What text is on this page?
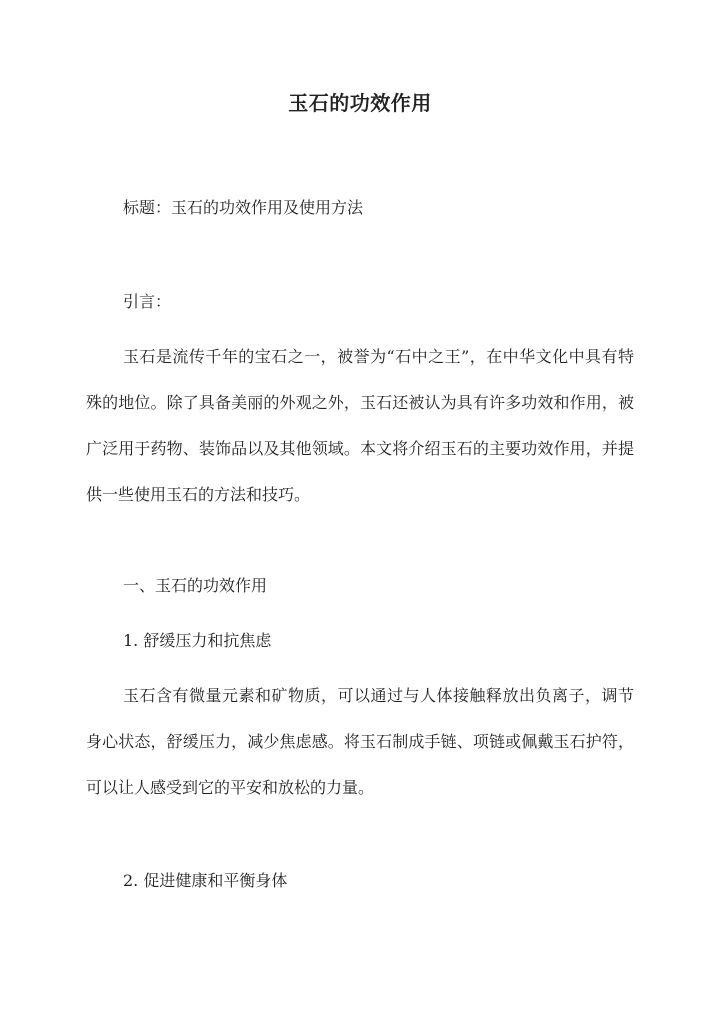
玉石的功效作用
标题：玉石的功效作用及使用方法
引言：

玉石是流传千年的宝石之一，被誉为“石中之王”，在中华文化中具有特殊的地位。除了具备美丽的外观之外，玉石还被认为具有许多功效和作用，被广泛用于药物、装饰品以及其他领域。本文将介绍玉石的主要功效作用，并提供一些使用玉石的方法和技巧。

一、玉石的功效作用
1. 舒缓压力和抗焦虑

玉石含有微量元素和矿物质，可以通过与人体接触释放出负离子，调节身心状态，舒缓压力，减少焦虑感。将玉石制成手链、项链或佩戴玉石护符，可以让人感受到它的平安和放松的力量。

2. 促进健康和平衡身体
